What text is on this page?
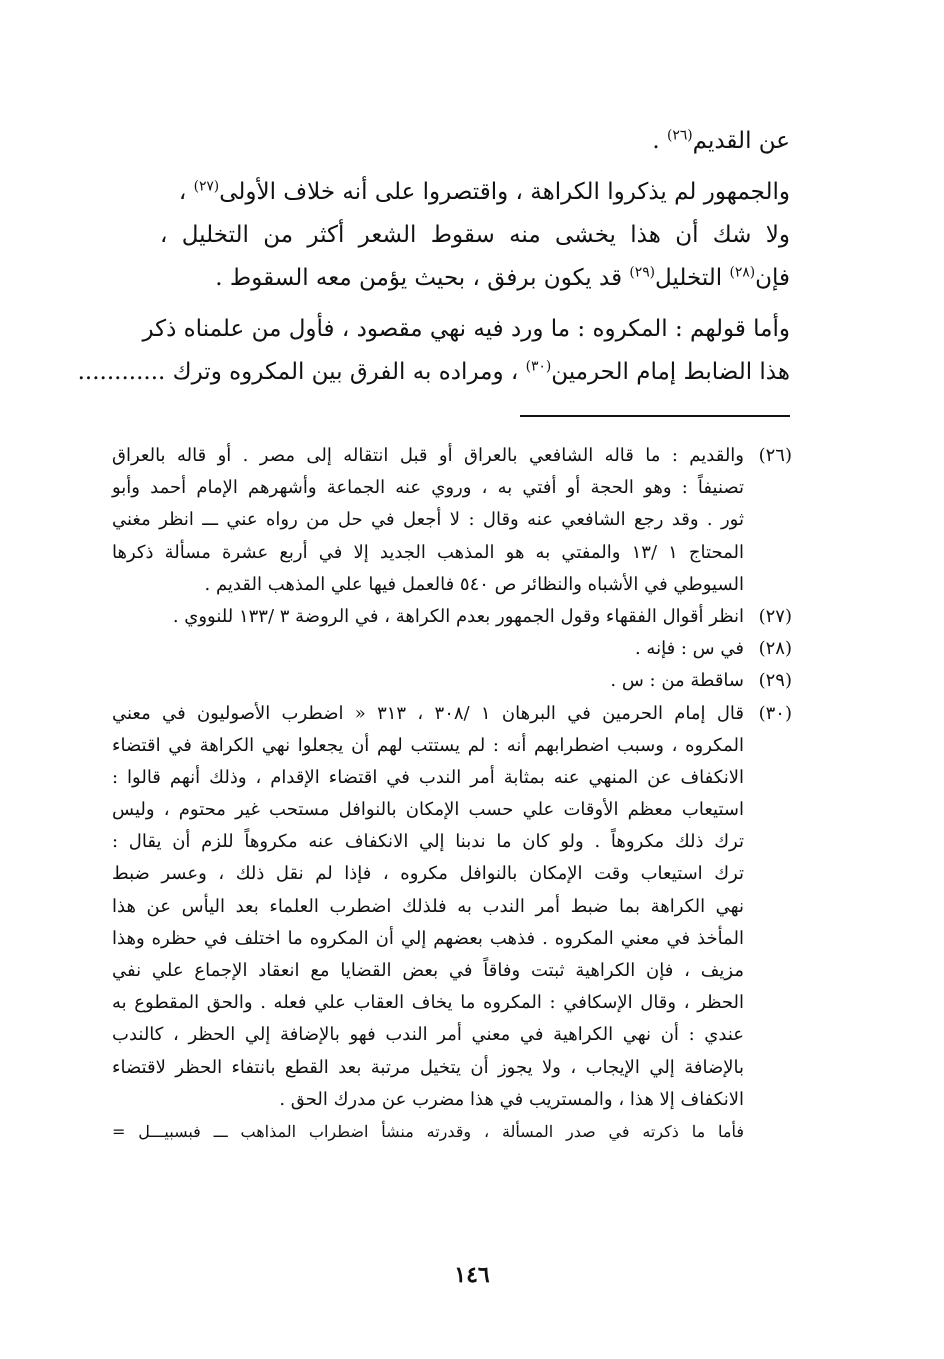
عن القديم$^{(٢٦)}$ .
والجمهور لم يذكروا الكراهة ، واقتصروا على أنه خلاف الأولى$^{(٢٧)}$ ،
ولا شك أن هذا يخشى منه سقوط الشعر أكثر من التخليل ،
فإن$^{(٢٨)}$ التخليل$^{(٢٩)}$ قد يكون برفق ، بحيث يؤمن معه السقوط .
وأما قولهم : المكروه : ما ورد فيه نهي مقصود ، فأول من علمناه ذكر
هذا الضابط إمام الحرمين$^{(٣٠)}$ ، ومراده به الفرق بين المكروه وترك ............
(٢٦)
والقديم : ما قاله الشافعي بالعراق أو قبل انتقاله إلى مصر . أو قاله بالعراق
تصنيفاً : وهو الحجة أو أفتي به ، وروي عنه الجماعة وأشهرهم الإمام أحمد وأبو
ثور . وقد رجع الشافعي عنه وقال : لا أجعل في حل من رواه عني ـــ انظر مغني
المحتاج ١ /١٣ والمفتي به هو المذهب الجديد إلا في أربع عشرة مسألة ذكرها
السيوطي في الأشباه والنظائر ص ٥٤٠ فالعمل فيها علي المذهب القديم .
(٢٧)
انظر أقوال الفقهاء وقول الجمهور بعدم الكراهة ، في الروضة ٣ /١٣٣ للنووي .
(٢٨)
في س : فإنه .
(٢٩)
ساقطة من : س .
(٣٠)
قال إمام الحرمين في البرهان ١ /٣٠٨ ، ٣١٣ « اضطرب الأصوليون في معني
المكروه ، وسبب اضطرابهم أنه : لم يستتب لهم أن يجعلوا نهي الكراهة في اقتضاء
الانكفاف عن المنهي عنه بمثابة أمر الندب في اقتضاء الإقدام ، وذلك أنهم قالوا :
استيعاب معظم الأوقات علي حسب الإمكان بالنوافل مستحب غير محتوم ، وليس
ترك ذلك مكروهاً . ولو كان ما ندبنا إلي الانكفاف عنه مكروهاً للزم أن يقال :
ترك استيعاب وقت الإمكان بالنوافل مكروه ، فإذا لم نقل ذلك ، وعسر ضبط
نهي الكراهة بما ضبط أمر الندب به فلذلك اضطرب العلماء بعد اليأس عن هذا
المأخذ في معني المكروه . فذهب بعضهم إلي أن المكروه ما اختلف في حظره وهذا
مزيف ، فإن الكراهية ثبتت وفاقاً في بعض القضايا مع انعقاد الإجماع علي نفي
الحظر ، وقال الإسكافي : المكروه ما يخاف العقاب علي فعله . والحق المقطوع به
عندي : أن نهي الكراهية في معني أمر الندب فهو بالإضافة إلي الحظر ، كالندب
بالإضافة إلي الإيجاب ، ولا يجوز أن يتخيل مرتبة بعد القطع بانتفاء الحظر لاقتضاء
الانكفاف إلا هذا ، والمستريب في هذا مضرب عن مدرك الحق .
فأما ما ذكرته في صدر المسألة ، وقدرته منشأ اضطراب المذاهب ـــ فبسبيـــل =
١٤٦
